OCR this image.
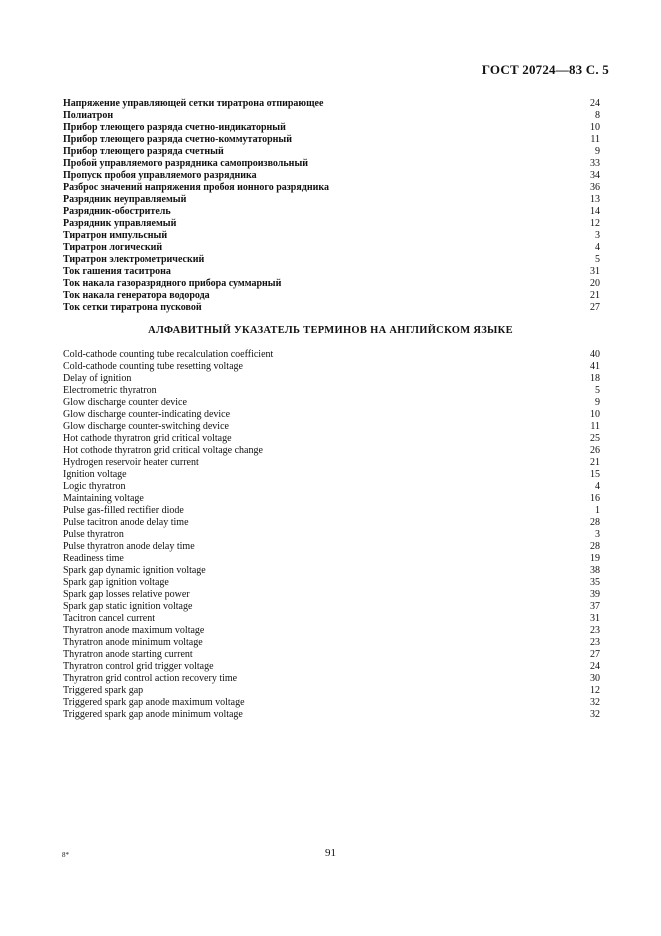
ГОСТ 20724—83 С. 5
Напряжение управляющей сетки тиратрона отпирающее	24
Полиатрон	8
Прибор тлеющего разряда счетно-индикаторный	10
Прибор тлеющего разряда счетно-коммутаторный	11
Прибор тлеющего разряда счетный	9
Пробой управляемого разрядника самопроизвольный	33
Пропуск пробоя управляемого разрядника	34
Разброс значений напряжения пробоя ионного разрядника	36
Разрядник неуправляемый	13
Разрядник-обостритель	14
Разрядник управляемый	12
Тиратрон импульсный	3
Тиратрон логический	4
Тиратрон электрометрический	5
Ток гашения таситрона	31
Ток накала газоразрядного прибора суммарный	20
Ток накала генератора водорода	21
Ток сетки тиратрона пусковой	27
АЛФАВИТНЫЙ УКАЗАТЕЛЬ ТЕРМИНОВ НА АНГЛИЙСКОМ ЯЗЫКЕ
Cold-cathode counting tube recalculation coefficient	40
Cold-cathode counting tube resetting voltage	41
Delay of ignition	18
Electrometric thyratron	5
Glow discharge counter device	9
Glow discharge counter-indicating device	10
Glow discharge counter-switching device	11
Hot cathode thyratron grid critical voltage	25
Hot cothode thyratron grid critical voltage change	26
Hydrogen reservoir heater current	21
Ignition voltage	15
Logic thyratron	4
Maintaining voltage	16
Pulse gas-filled rectifier diode	1
Pulse tacitron anode delay time	28
Pulse thyratron	3
Pulse thyratron anode delay time	28
Readiness time	19
Spark gap dynamic ignition voltage	38
Spark gap ignition voltage	35
Spark gap losses relative power	39
Spark gap static ignition voltage	37
Tacitron cancel current	31
Thyratron anode maximum voltage	23
Thyratron anode minimum voltage	23
Thyratron anode starting current	27
Thyratron control grid trigger voltage	24
Thyratron grid control action recovery time	30
Triggered spark gap	12
Triggered spark gap anode maximum voltage	32
Triggered spark gap anode minimum voltage	32
8*	91
